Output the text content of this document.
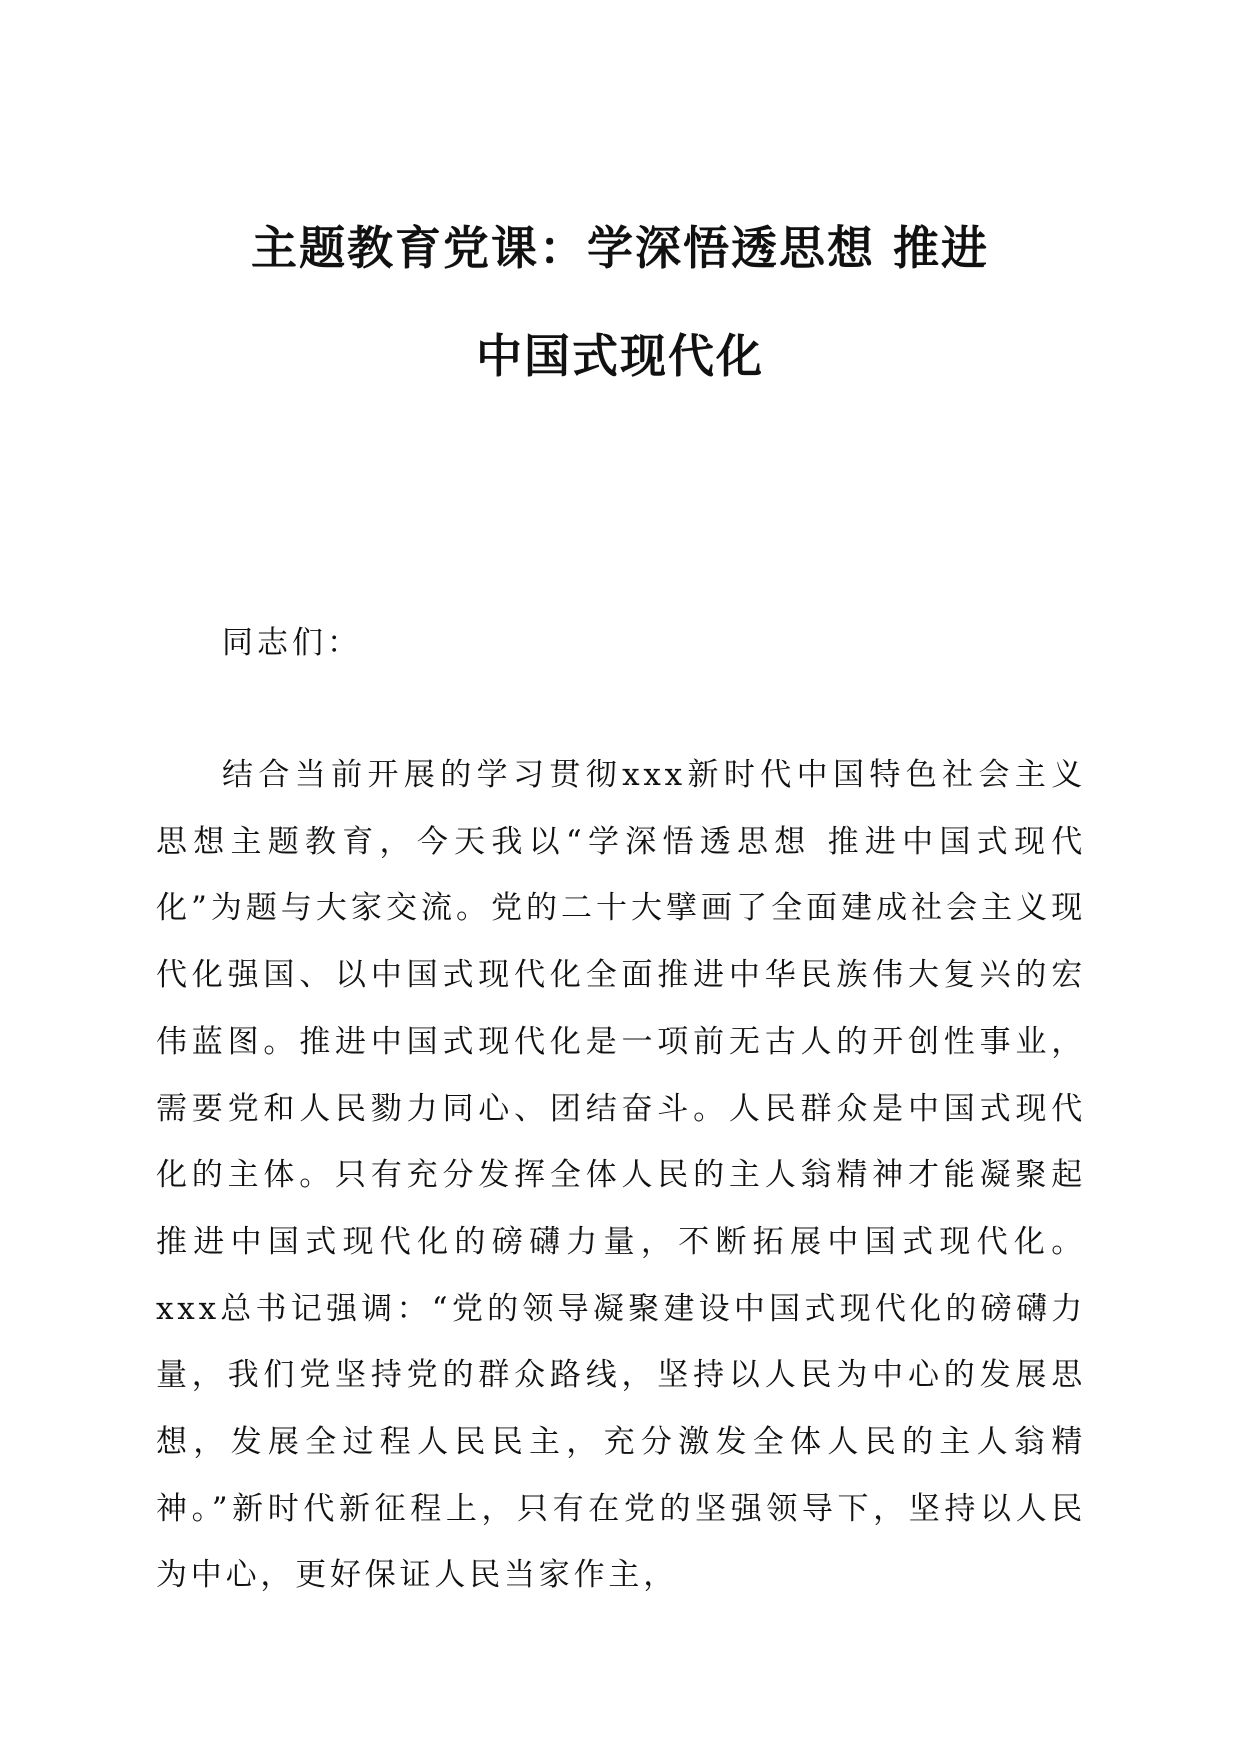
主题教育党课：学深悟透思想 推进
中国式现代化

同志们：

结合当前开展的学习贯彻xxx新时代中国特色社会主义思想主题教育，今天我以“学深悟透思想 推进中国式现代化”为题与大家交流。党的二十大擘画了全面建成社会主义现代化强国、以中国式现代化全面推进中华民族伟大复兴的宏伟蓝图。推进中国式现代化是一项前无古人的开创性事业，需要党和人民勠力同心、团结奋斗。人民群众是中国式现代化的主体。只有充分发挥全体人民的主人翁精神才能凝聚起推进中国式现代化的磅礴力量，不断拓展中国式现代化。xxx总书记强调：“党的领导凝聚建设中国式现代化的磅礴力量，我们党坚持党的群众路线，坚持以人民为中心的发展思想，发展全过程人民民主，充分激发全体人民的主人翁精神。”新时代新征程上，只有在党的坚强领导下，坚持以人民为中心，更好保证人民当家作主，
